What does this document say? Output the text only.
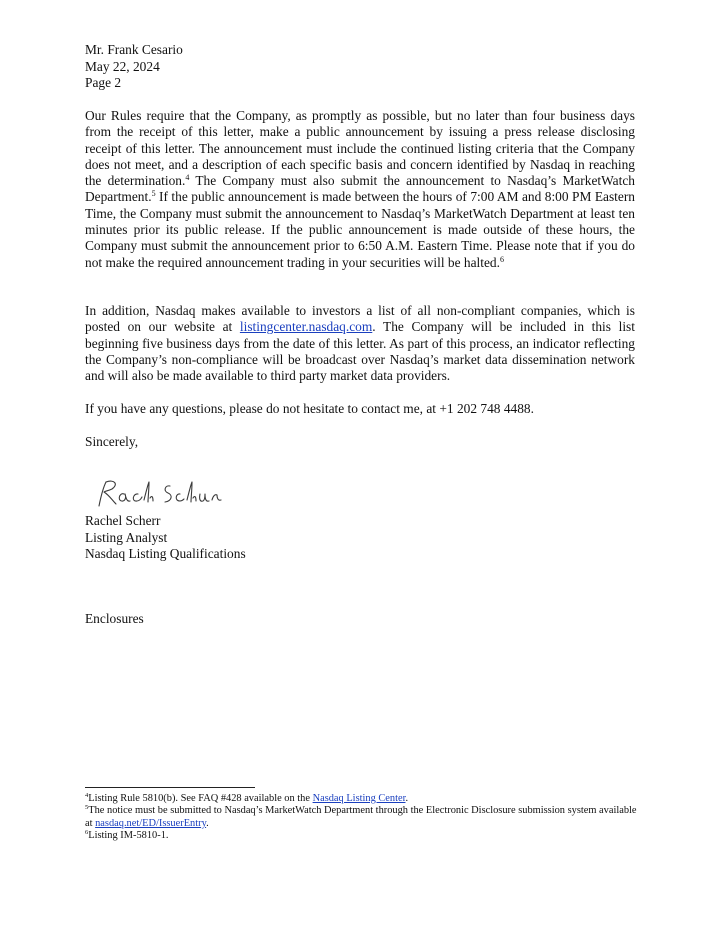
Mr. Frank Cesario
May 22, 2024
Page 2

Our Rules require that the Company, as promptly as possible, but no later than four business days from the receipt of this letter, make a public announcement by issuing a press release disclosing receipt of this letter. The announcement must include the continued listing criteria that the Company does not meet, and a description of each specific basis and concern identified by Nasdaq in reaching the determination.$^4$ The Company must also submit the announcement to Nasdaq’s MarketWatch Department.$^5$ If the public announcement is made between the hours of 7:00 AM and 8:00 PM Eastern Time, the Company must submit the announcement to Nasdaq’s MarketWatch Department at least ten minutes prior its public release. If the public announcement is made outside of these hours, the Company must submit the announcement prior to 6:50 A.M. Eastern Time. Please note that if you do not make the required announcement trading in your securities will be halted.$^6$

In addition, Nasdaq makes available to investors a list of all non-compliant companies, which is posted on our website at listingcenter.nasdaq.com. The Company will be included in this list beginning five business days from the date of this letter. As part of this process, an indicator reflecting the Company’s non-compliance will be broadcast over Nasdaq’s market data dissemination network and will also be made available to third party market data providers.

If you have any questions, please do not hesitate to contact me, at +1 202 748 4488.
Sincerely,
Rachel Scherr
Listing Analyst
Nasdaq Listing Qualifications
Enclosures

$^4$Listing Rule 5810(b). See FAQ #428 available on the Nasdaq Listing Center.

$^5$The notice must be submitted to Nasdaq’s MarketWatch Department through the Electronic Disclosure submission system available at nasdaq.net/ED/IssuerEntry.

$^6$Listing IM-5810-1.
